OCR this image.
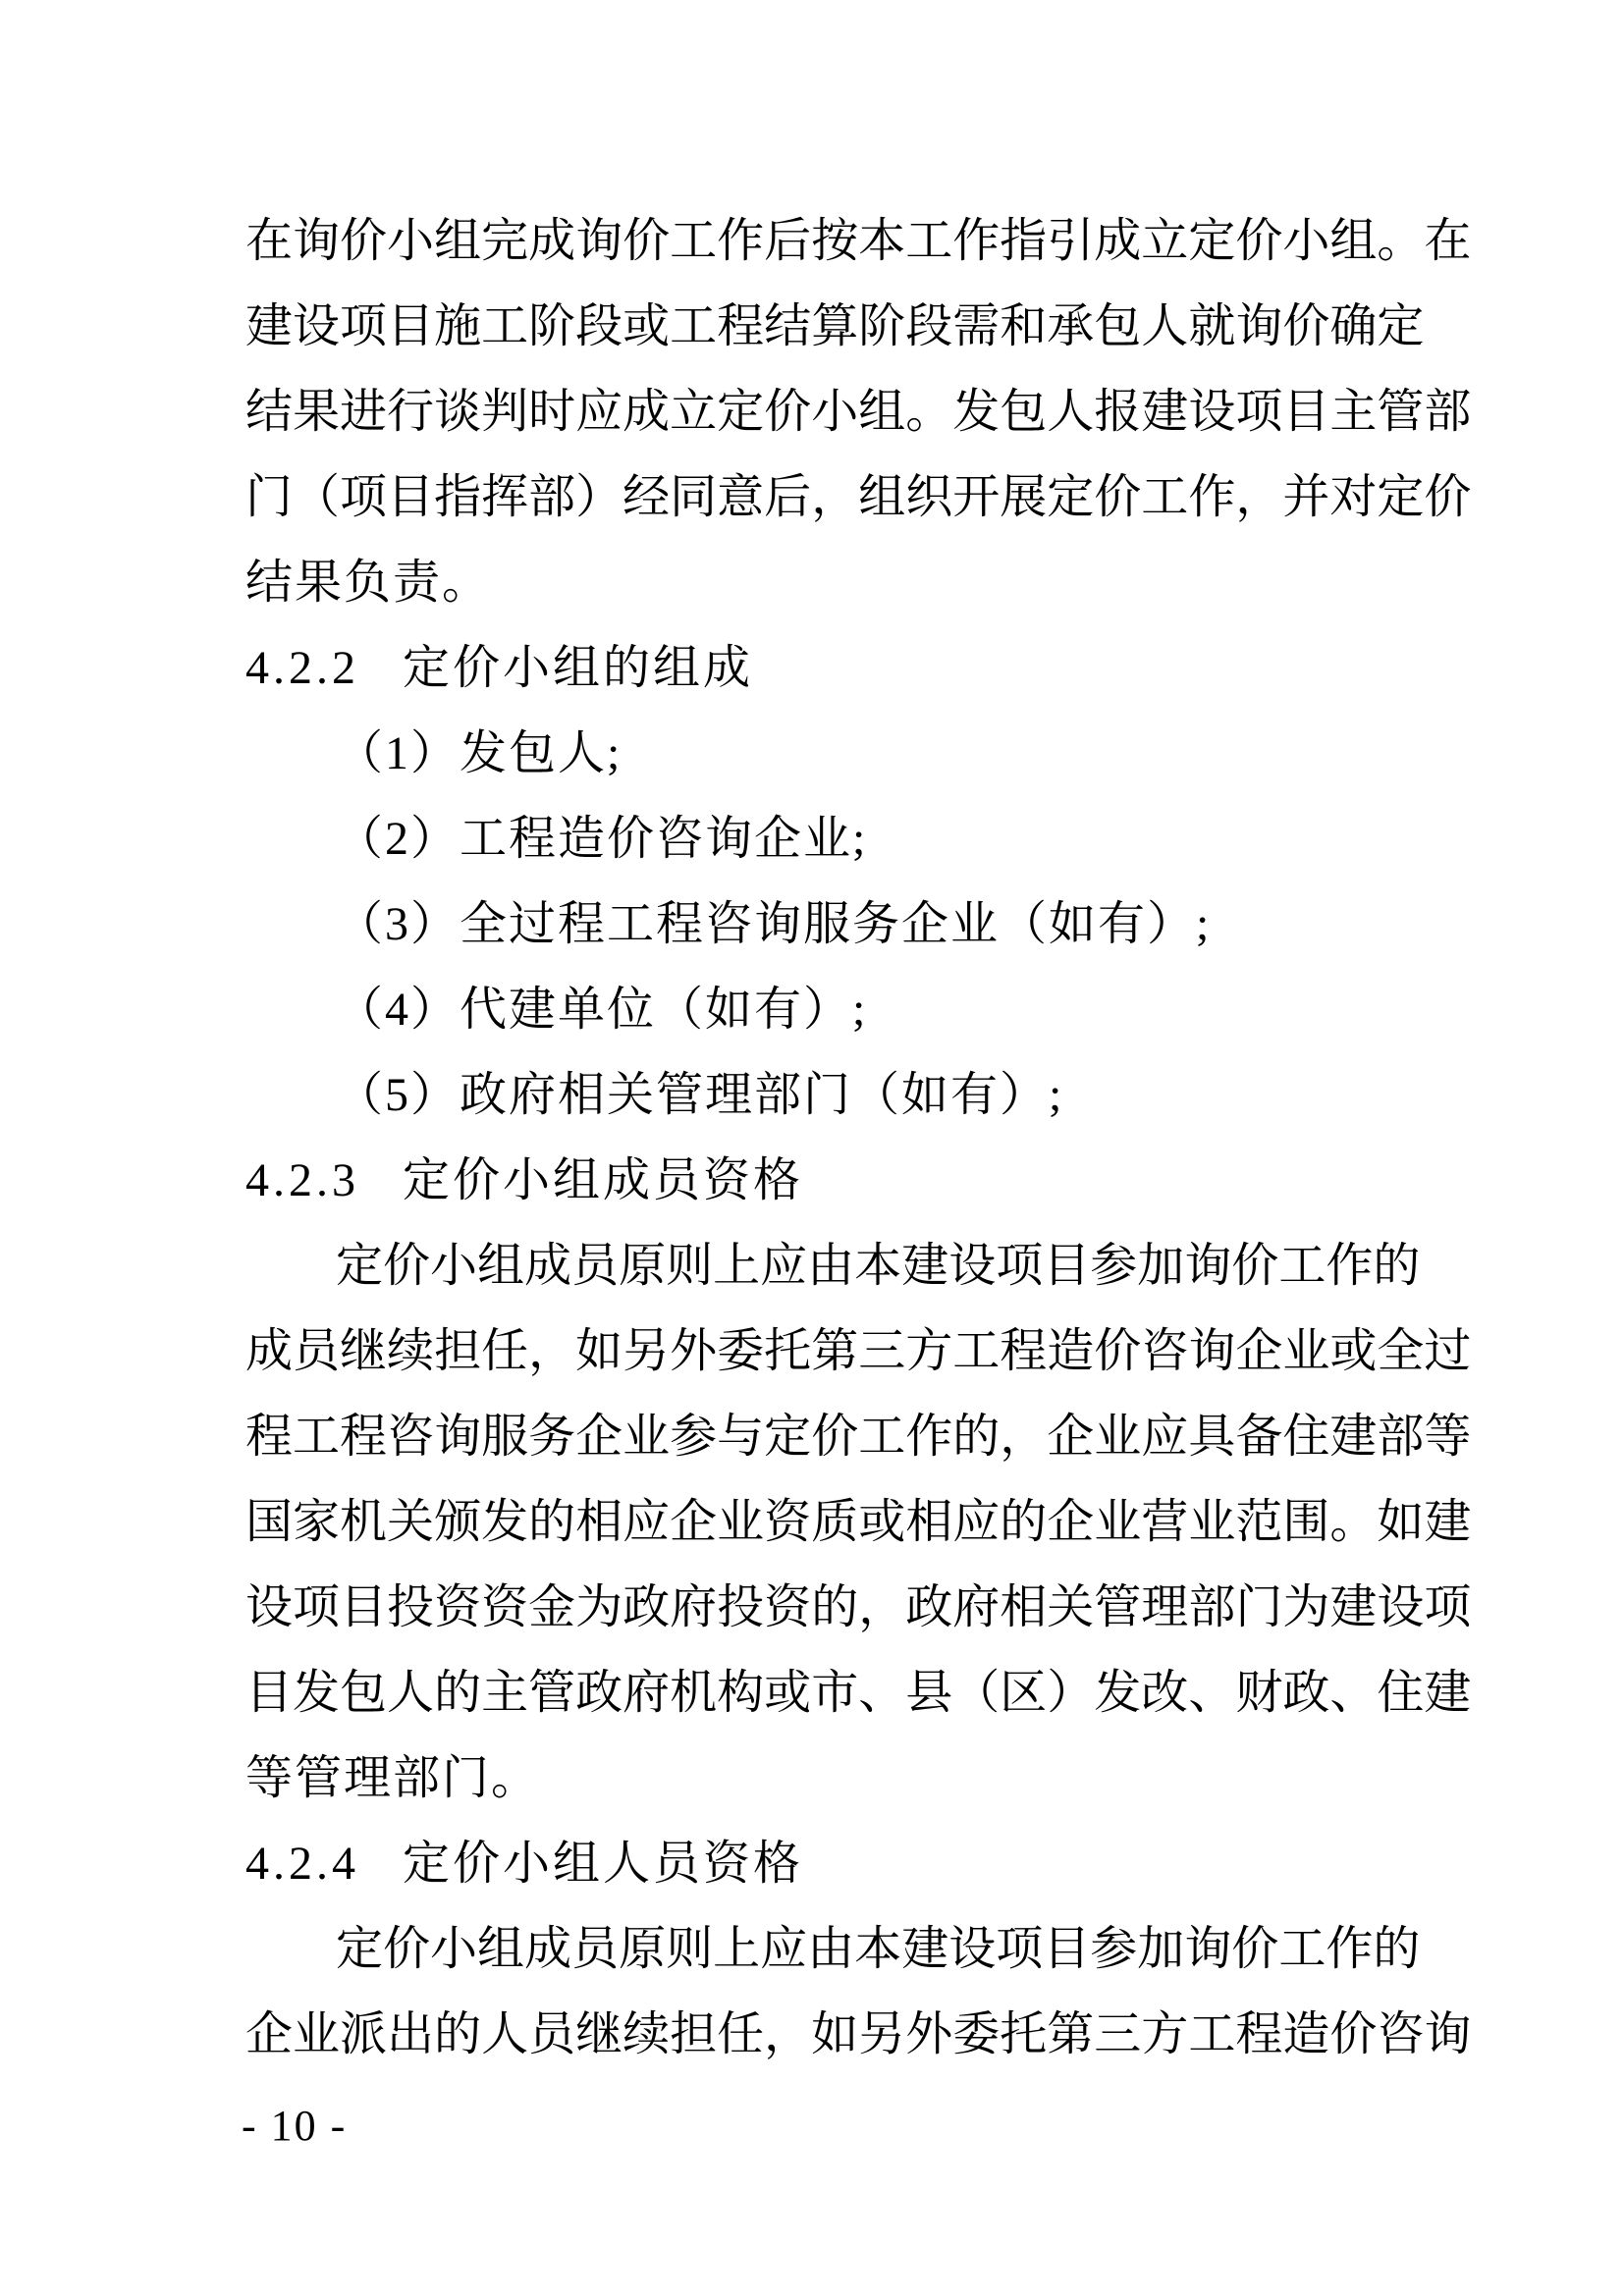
在 询 价 小 组 完 成 询 价 工 作 后 按 本 工 作 指 引 成 立 定 价 小 组 。 在
建 设 项 目 施 工 阶 段 或 工 程 结 算 阶 段 需 和 承 包 人 就 询 价 确 定
结 果 进 行 谈 判 时 应 成 立 定 价 小 组 。 发 包 人 报 建 设 项 目 主 管 部
门 （ 项 目 指 挥 部 ） 经 同 意 后 ， 组 织 开 展 定 价 工 作 ， 并 对 定 价
结果负责。
4.2.2 定价小组的组成
（1）发包人;
（2）工程造价咨询企业;
（3）全过程工程咨询服务企业（如有）;
（4）代建单位（如有）;
（5）政府相关管理部门（如有）;
4.2.3 定价小组成员资格
定 价 小 组 成 员 原 则 上 应 由 本 建 设 项 目 参 加 询 价 工 作 的
成 员 继 续 担 任 ， 如 另 外 委 托 第 三 方 工 程 造 价 咨 询 企 业 或 全 过
程 工 程 咨 询 服 务 企 业 参 与 定 价 工 作 的 ， 企 业 应 具 备 住 建 部 等
国 家 机 关 颁 发 的 相 应 企 业 资 质 或 相 应 的 企 业 营 业 范 围 。 如 建
设 项 目 投 资 资 金 为 政 府 投 资 的 ， 政 府 相 关 管 理 部 门 为 建 设 项
目 发 包 人 的 主 管 政 府 机 构 或 市 、 县 （ 区 ） 发 改 、 财 政 、 住 建
等管理部门。
4.2.4 定价小组人员资格
定 价 小 组 成 员 原 则 上 应 由 本 建 设 项 目 参 加 询 价 工 作 的
企 业 派 出 的 人 员 继 续 担 任 ， 如 另 外 委 托 第 三 方 工 程 造 价 咨 询
- 10 -
